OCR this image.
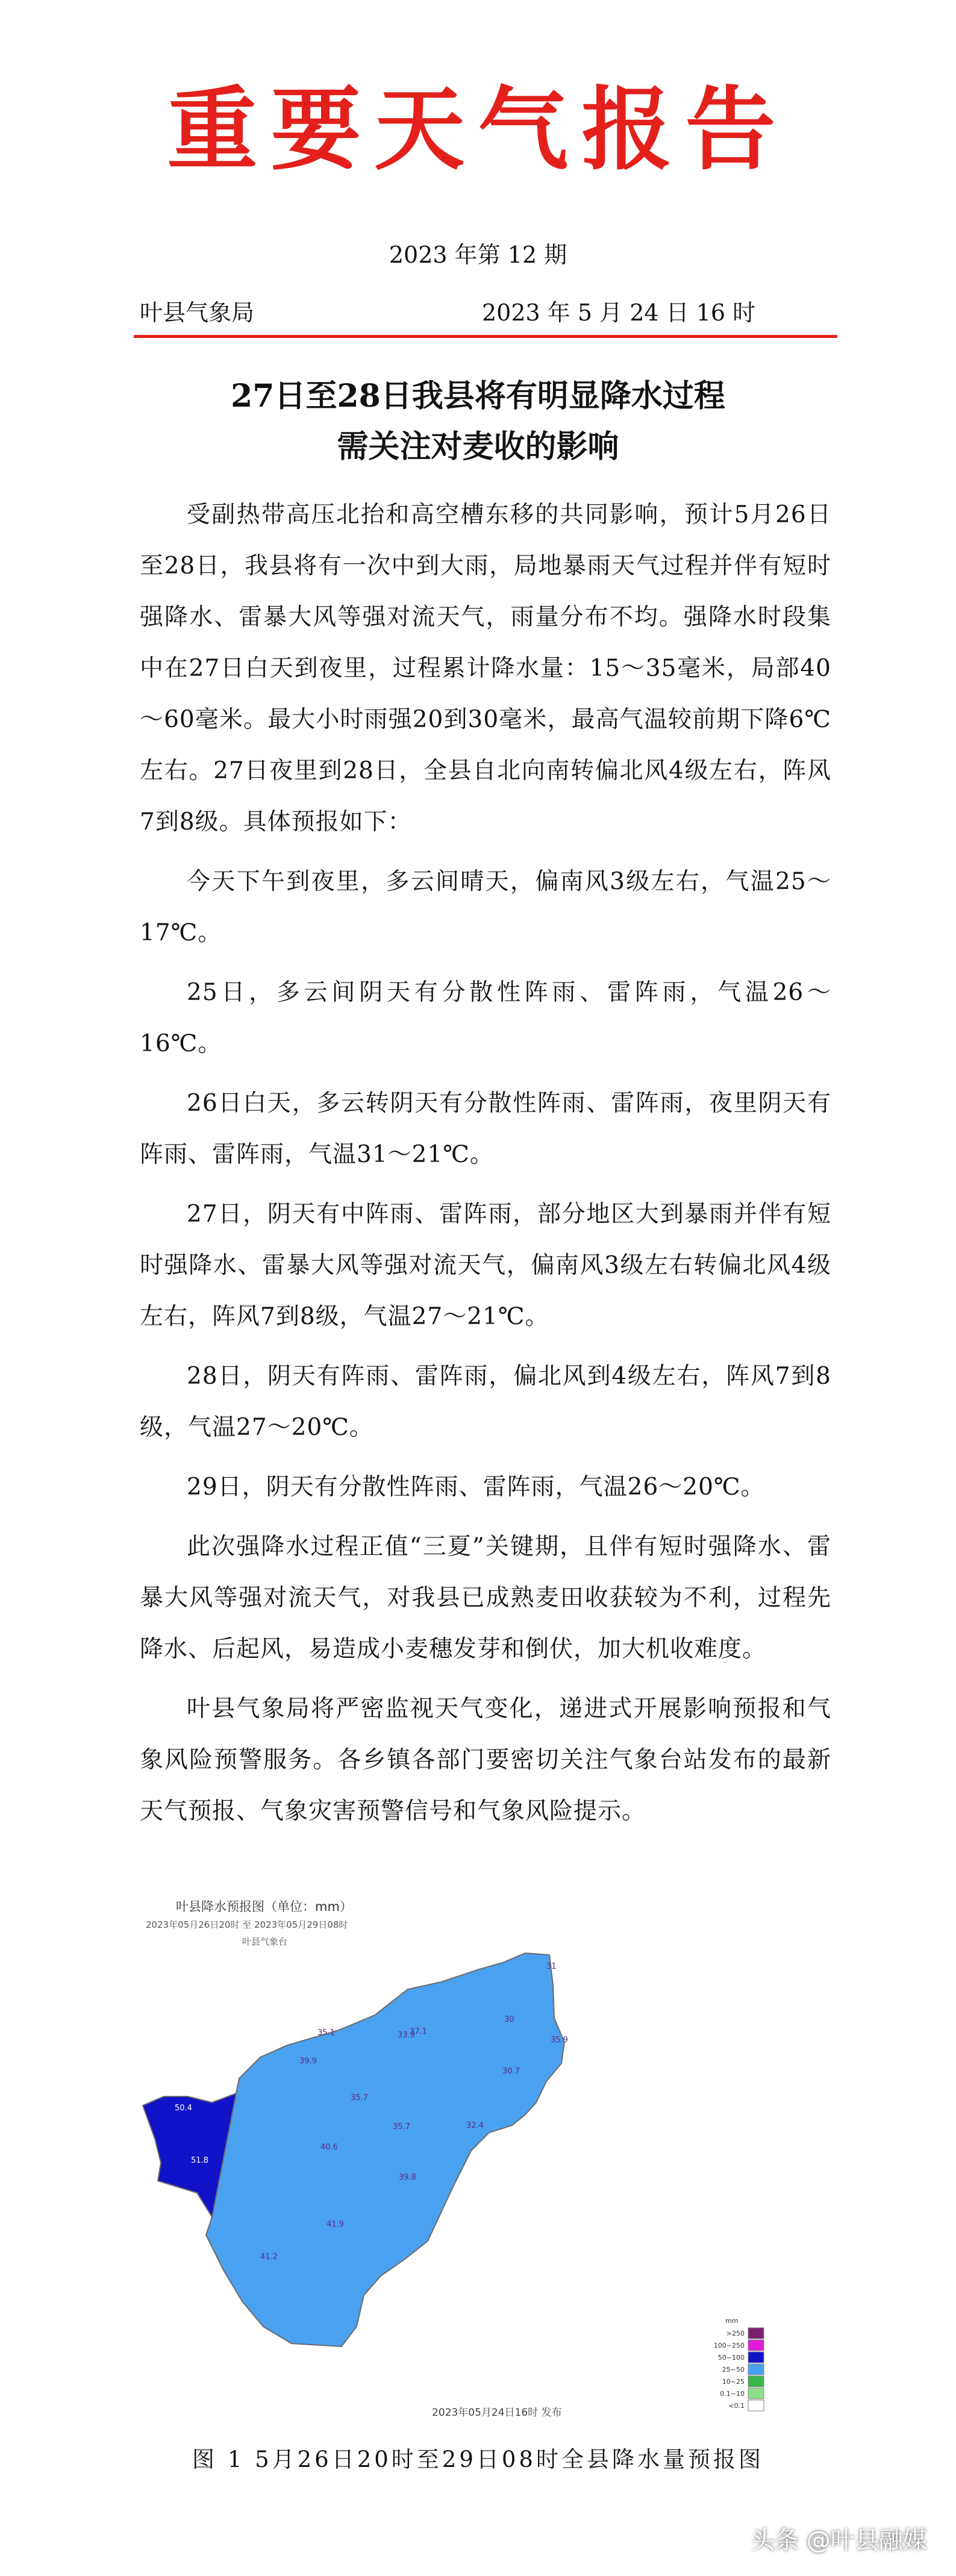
重要天气报告
2023 年第 12 期
叶县气象局	2023 年 5 月 24 日 16 时
27日至28日我县将有明显降水过程
需关注对麦收的影响

受副热带高压北抬和高空槽东移的共同影响，预计5月26日至28日，我县将有一次中到大雨，局地暴雨天气过程并伴有短时强降水、雷暴大风等强对流天气，雨量分布不均。强降水时段集中在27日白天到夜里，过程累计降水量：15～35毫米，局部40～60毫米。最大小时雨强20到30毫米，最高气温较前期下降6℃左右。27日夜里到28日，全县自北向南转偏北风4级左右，阵风7到8级。具体预报如下：

今天下午到夜里，多云间晴天，偏南风3级左右，气温25～17℃。

25日，多云间阴天有分散性阵雨、雷阵雨，气温26～16℃。

26日白天，多云转阴天有分散性阵雨、雷阵雨，夜里阴天有阵雨、雷阵雨，气温31～21℃。

27日，阴天有中阵雨、雷阵雨，部分地区大到暴雨并伴有短时强降水、雷暴大风等强对流天气，偏南风3级左右转偏北风4级左右，阵风7到8级，气温27～21℃。

28日，阴天有阵雨、雷阵雨，偏北风到4级左右，阵风7到8级，气温27～20℃。

29日，阴天有分散性阵雨、雷阵雨，气温26～20℃。

此次强降水过程正值“三夏”关键期，且伴有短时强降水、雷暴大风等强对流天气，对我县已成熟麦田收获较为不利，过程先降水、后起风，易造成小麦穗发芽和倒伏，加大机收难度。

叶县气象局将严密监视天气变化，递进式开展影响预报和气象风险预警服务。各乡镇各部门要密切关注气象台站发布的最新天气预报、气象灾害预警信号和气象风险提示。

叶县降水预报图（单位：mm）
2023年05月26日20时 至 2023年05月29日08时
叶县气象台
31
30
35.9
35.1	33.9
37.1
39.9
30.7
35.7
32.4
40.6
35.7
39.8
41.9
41.2
50.4
51.8
mm
>250
100~250
50~100
25~50
10~25
0.1~10
<0.1
2023年05月24日16时 发布
图 1 5月26日20时至29日08时全县降水量预报图
头条 @叶县融媒
